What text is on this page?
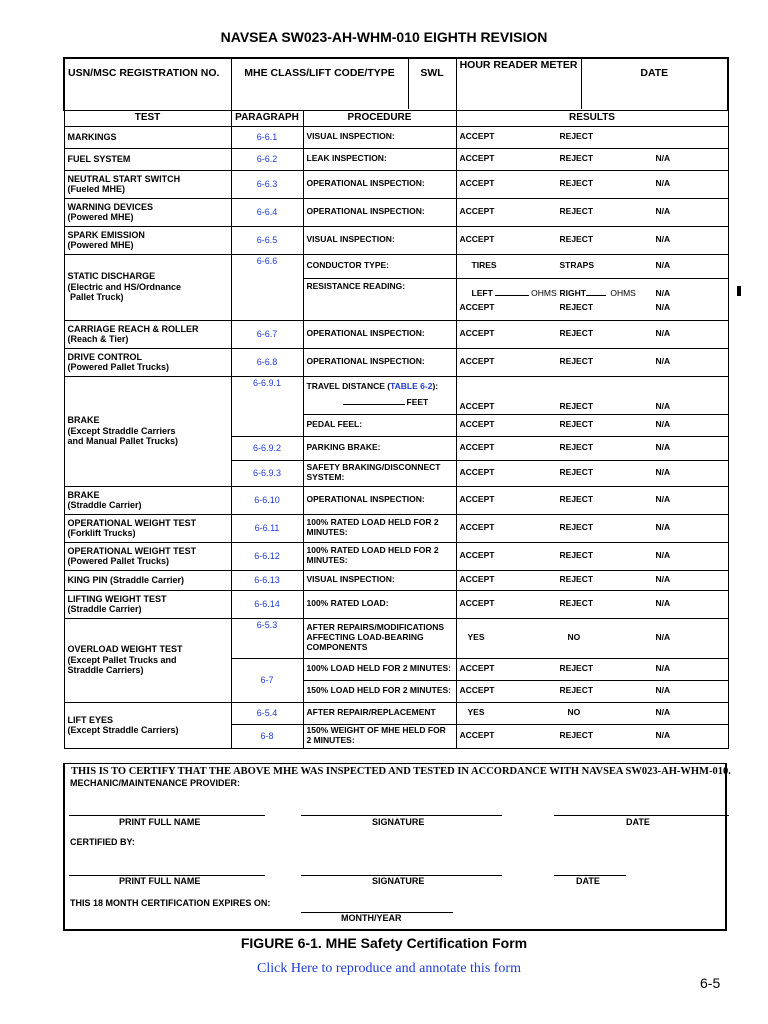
NAVSEA SW023-AH-WHM-010 EIGHTH REVISION
USN/MSC REGISTRATION NO.	MHE CLASS/LIFT CODE/TYPE	SWL

HOUR READER METER	DATE

TEST	PARAGRAPH	PROCEDURE	RESULTS
MARKINGS	6-6.1	VISUAL INSPECTION:	ACCEPT	REJECT
FUEL SYSTEM	6-6.2	LEAK INSPECTION:	ACCEPT	REJECT	N/A
NEUTRAL START SWITCH
(Fueled MHE)	6-6.3	OPERATIONAL INSPECTION:	ACCEPT	REJECT	N/A
WARNING DEVICES
(Powered MHE)	6-6.4	OPERATIONAL INSPECTION:	ACCEPT	REJECT	N/A
SPARK EMISSION
(Powered MHE)	6-6.5	VISUAL INSPECTION:	ACCEPT	REJECT	N/A
STATIC DISCHARGE
(Electric and HS/Ordnance
Pallet Truck)	6-6.6	CONDUCTOR TYPE:	TIRES	STRAPS	N/A
RESISTANCE READING:	
LEFT	OHMS RIGHT	OHMS N/A
ACCEPT	REJECT	N/A

CARRIAGE REACH & ROLLER
(Reach & Tier)	6-6.7	OPERATIONAL INSPECTION:	ACCEPT	REJECT	N/A
DRIVE CONTROL
(Powered Pallet Trucks)	6-6.8	OPERATIONAL INSPECTION:	ACCEPT	REJECT	N/A
BRAKE
(Except Straddle Carriers
and Manual Pallet Trucks)	6-6.9.1	TRAVEL DISTANCE (TABLE 6-2):
FEET	ACCEPT	REJECT	N/A
PEDAL FEEL:	ACCEPT	REJECT	N/A
6-6.9.2	PARKING BRAKE:	ACCEPT	REJECT	N/A
6-6.9.3	SAFETY BRAKING/DISCONNECT SYSTEM:	ACCEPT	REJECT	N/A
BRAKE
(Straddle Carrier)	6-6.10	OPERATIONAL INSPECTION:	ACCEPT	REJECT	N/A
OPERATIONAL WEIGHT TEST
(Forklift Trucks)	6-6.11	100% RATED LOAD HELD FOR 2 MINUTES:	ACCEPT	REJECT	N/A
OPERATIONAL WEIGHT TEST
(Powered Pallet Trucks)	6-6.12	100% RATED LOAD HELD FOR 2 MINUTES:	ACCEPT	REJECT	N/A
KING PIN (Straddle Carrier)	6-6.13	VISUAL INSPECTION:	ACCEPT	REJECT	N/A
LIFTING WEIGHT TEST
(Straddle Carrier)	6-6.14	100% RATED LOAD:	ACCEPT	REJECT	N/A
OVERLOAD WEIGHT TEST
(Except Pallet Trucks and
Straddle Carriers)	6-5.3	AFTER REPAIRS/MODIFICATIONS AFFECTING LOAD-BEARING COMPONENTS	YES	NO	N/A
6-7	100% LOAD HELD FOR 2 MINUTES:	ACCEPT	REJECT	N/A
150% LOAD HELD FOR 2 MINUTES:	ACCEPT	REJECT	N/A
LIFT EYES
(Except Straddle Carriers)	6-5.4	AFTER REPAIR/REPLACEMENT	YES	NO	N/A
6-8	150% WEIGHT OF MHE HELD FOR 2 MINUTES:	ACCEPT	REJECT	N/A
THIS IS TO CERTIFY THAT THE ABOVE MHE WAS INSPECTED AND TESTED IN ACCORDANCE WITH NAVSEA SW023-AH-WHM-010.
MECHANIC/MAINTENANCE PROVIDER:
PRINT FULL NAME	SIGNATURE	DATE
CERTIFIED BY:
PRINT FULL NAME	SIGNATURE	DATE
THIS 18 MONTH CERTIFICATION EXPIRES ON:
MONTH/YEAR
FIGURE 6-1. MHE Safety Certification Form
Click Here to reproduce and annotate this form
6-5
